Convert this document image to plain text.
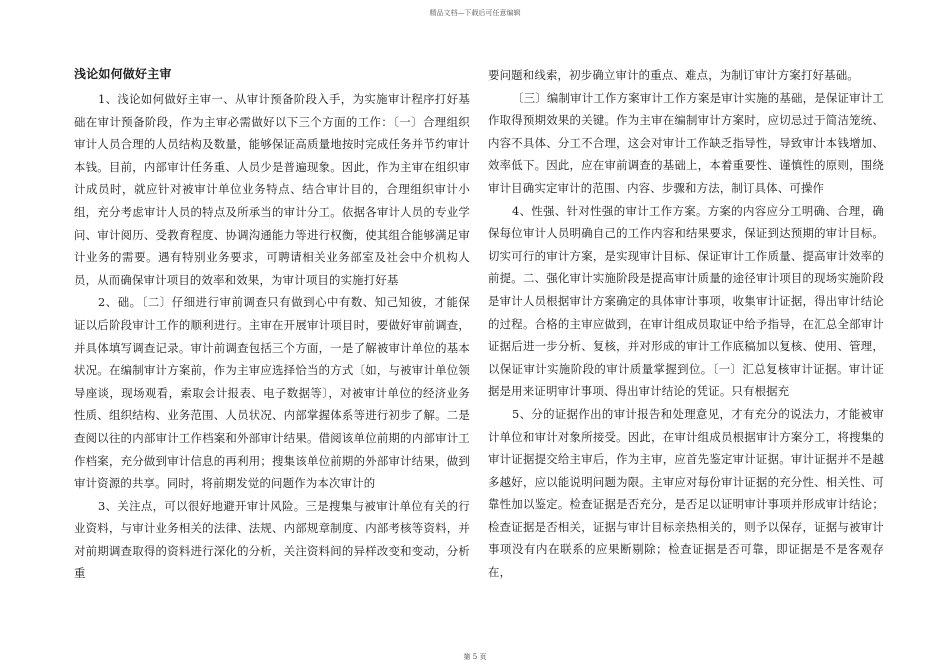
精品文档—下载后可任意编辑
浅论如何做好主审

1、浅论如何做好主审一、从审计预备阶段入手，为实施审计程序打好基础在审计预备阶段，作为主审必需做好以下三个方面的工作：〔一〕合理组织审计人员合理的人员结构及数量，能够保证高质量地按时完成任务并节约审计本钱。目前，内部审计任务重、人员少是普遍现象。因此，作为主审在组织审计成员时，就应针对被审计单位业务特点、结合审计目的，合理组织审计小组，充分考虑审计人员的特点及所承当的审计分工。依据各审计人员的专业学问、审计阅历、受教育程度、协调沟通能力等进行权衡，使其组合能够满足审计业务的需要。遇有特别业务要求，可聘请相关业务部室及社会中介机构人员，从而确保审计项目的效率和效果，为审计项目的实施打好基

2、础。〔二〕仔细进行审前调查只有做到心中有数、知己知彼，才能保证以后阶段审计工作的顺利进行。主审在开展审计项目时，要做好审前调查，并具体填写调查记录。审计前调查包括三个方面，一是了解被审计单位的基本状况。在编制审计方案前，作为主审应选择恰当的方式〔如，与被审计单位领导座谈，现场观看，索取会计报表、电子数据等〕，对被审计单位的经济业务性质、组织结构、业务范围、人员状况、内部掌握体系等进行初步了解。二是查阅以往的内部审计工作档案和外部审计结果。借阅该单位前期的内部审计工作档案，充分做到审计信息的再利用；搜集该单位前期的外部审计结果，做到审计资源的共享。同时，将前期发觉的问题作为本次审计的

3、关注点，可以很好地避开审计风险。三是搜集与被审计单位有关的行业资料，与审计业务相关的法律、法规、内部规章制度、内部考核等资料，并对前期调查取得的资料进行深化的分析，关注资料间的异样改变和变动，分析重

要问题和线索，初步确立审计的重点、难点，为制订审计方案打好基础。

〔三〕编制审计工作方案审计工作方案是审计实施的基础，是保证审计工作取得预期效果的关键。作为主审在编制审计方案时，应切忌过于简洁笼统、内容不具体、分工不合理，这会对审计工作缺乏指导性，导致审计本钱增加、效率低下。因此，应在审前调查的基础上，本着重要性、谨慎性的原则，围绕审计目确实定审计的范围、内容、步骤和方法，制订具体、可操作

4、性强、针对性强的审计工作方案。方案的内容应分工明确、合理，确保每位审计人员明确自己的工作内容和结果要求，保证到达预期的审计目标。切实可行的审计方案，是实现审计目标、保证审计工作质量、提高审计效率的前提。二、强化审计实施阶段是提高审计质量的途径审计项目的现场实施阶段是审计人员根据审计方案确定的具体审计事项，收集审计证据，得出审计结论的过程。合格的主审应做到，在审计组成员取证中给予指导，在汇总全部审计证据后进一步分析、复核，并对形成的审计工作底稿加以复核、使用、管理，以保证审计实施阶段的审计质量掌握到位。〔一〕汇总复核审计证据。审计证据是用来证明审计事项、得出审计结论的凭证。只有根据充

5、分的证据作出的审计报告和处理意见，才有充分的说法力，才能被审计单位和审计对象所接受。因此，在审计组成员根据审计方案分工，将搜集的审计证据提交给主审后，作为主审，应首先鉴定审计证据。审计证据并不是越多越好，应以能说明问题为限。主审应对每份审计证据的充分性、相关性、可靠性加以鉴定。检查证据是否充分，是否足以证明审计事项并形成审计结论；检查证据是否相关，证据与审计目标亲热相关的，则予以保存，证据与被审计事项没有内在联系的应果断剔除；检查证据是否可靠，即证据是不是客观存在，

第 5 页
